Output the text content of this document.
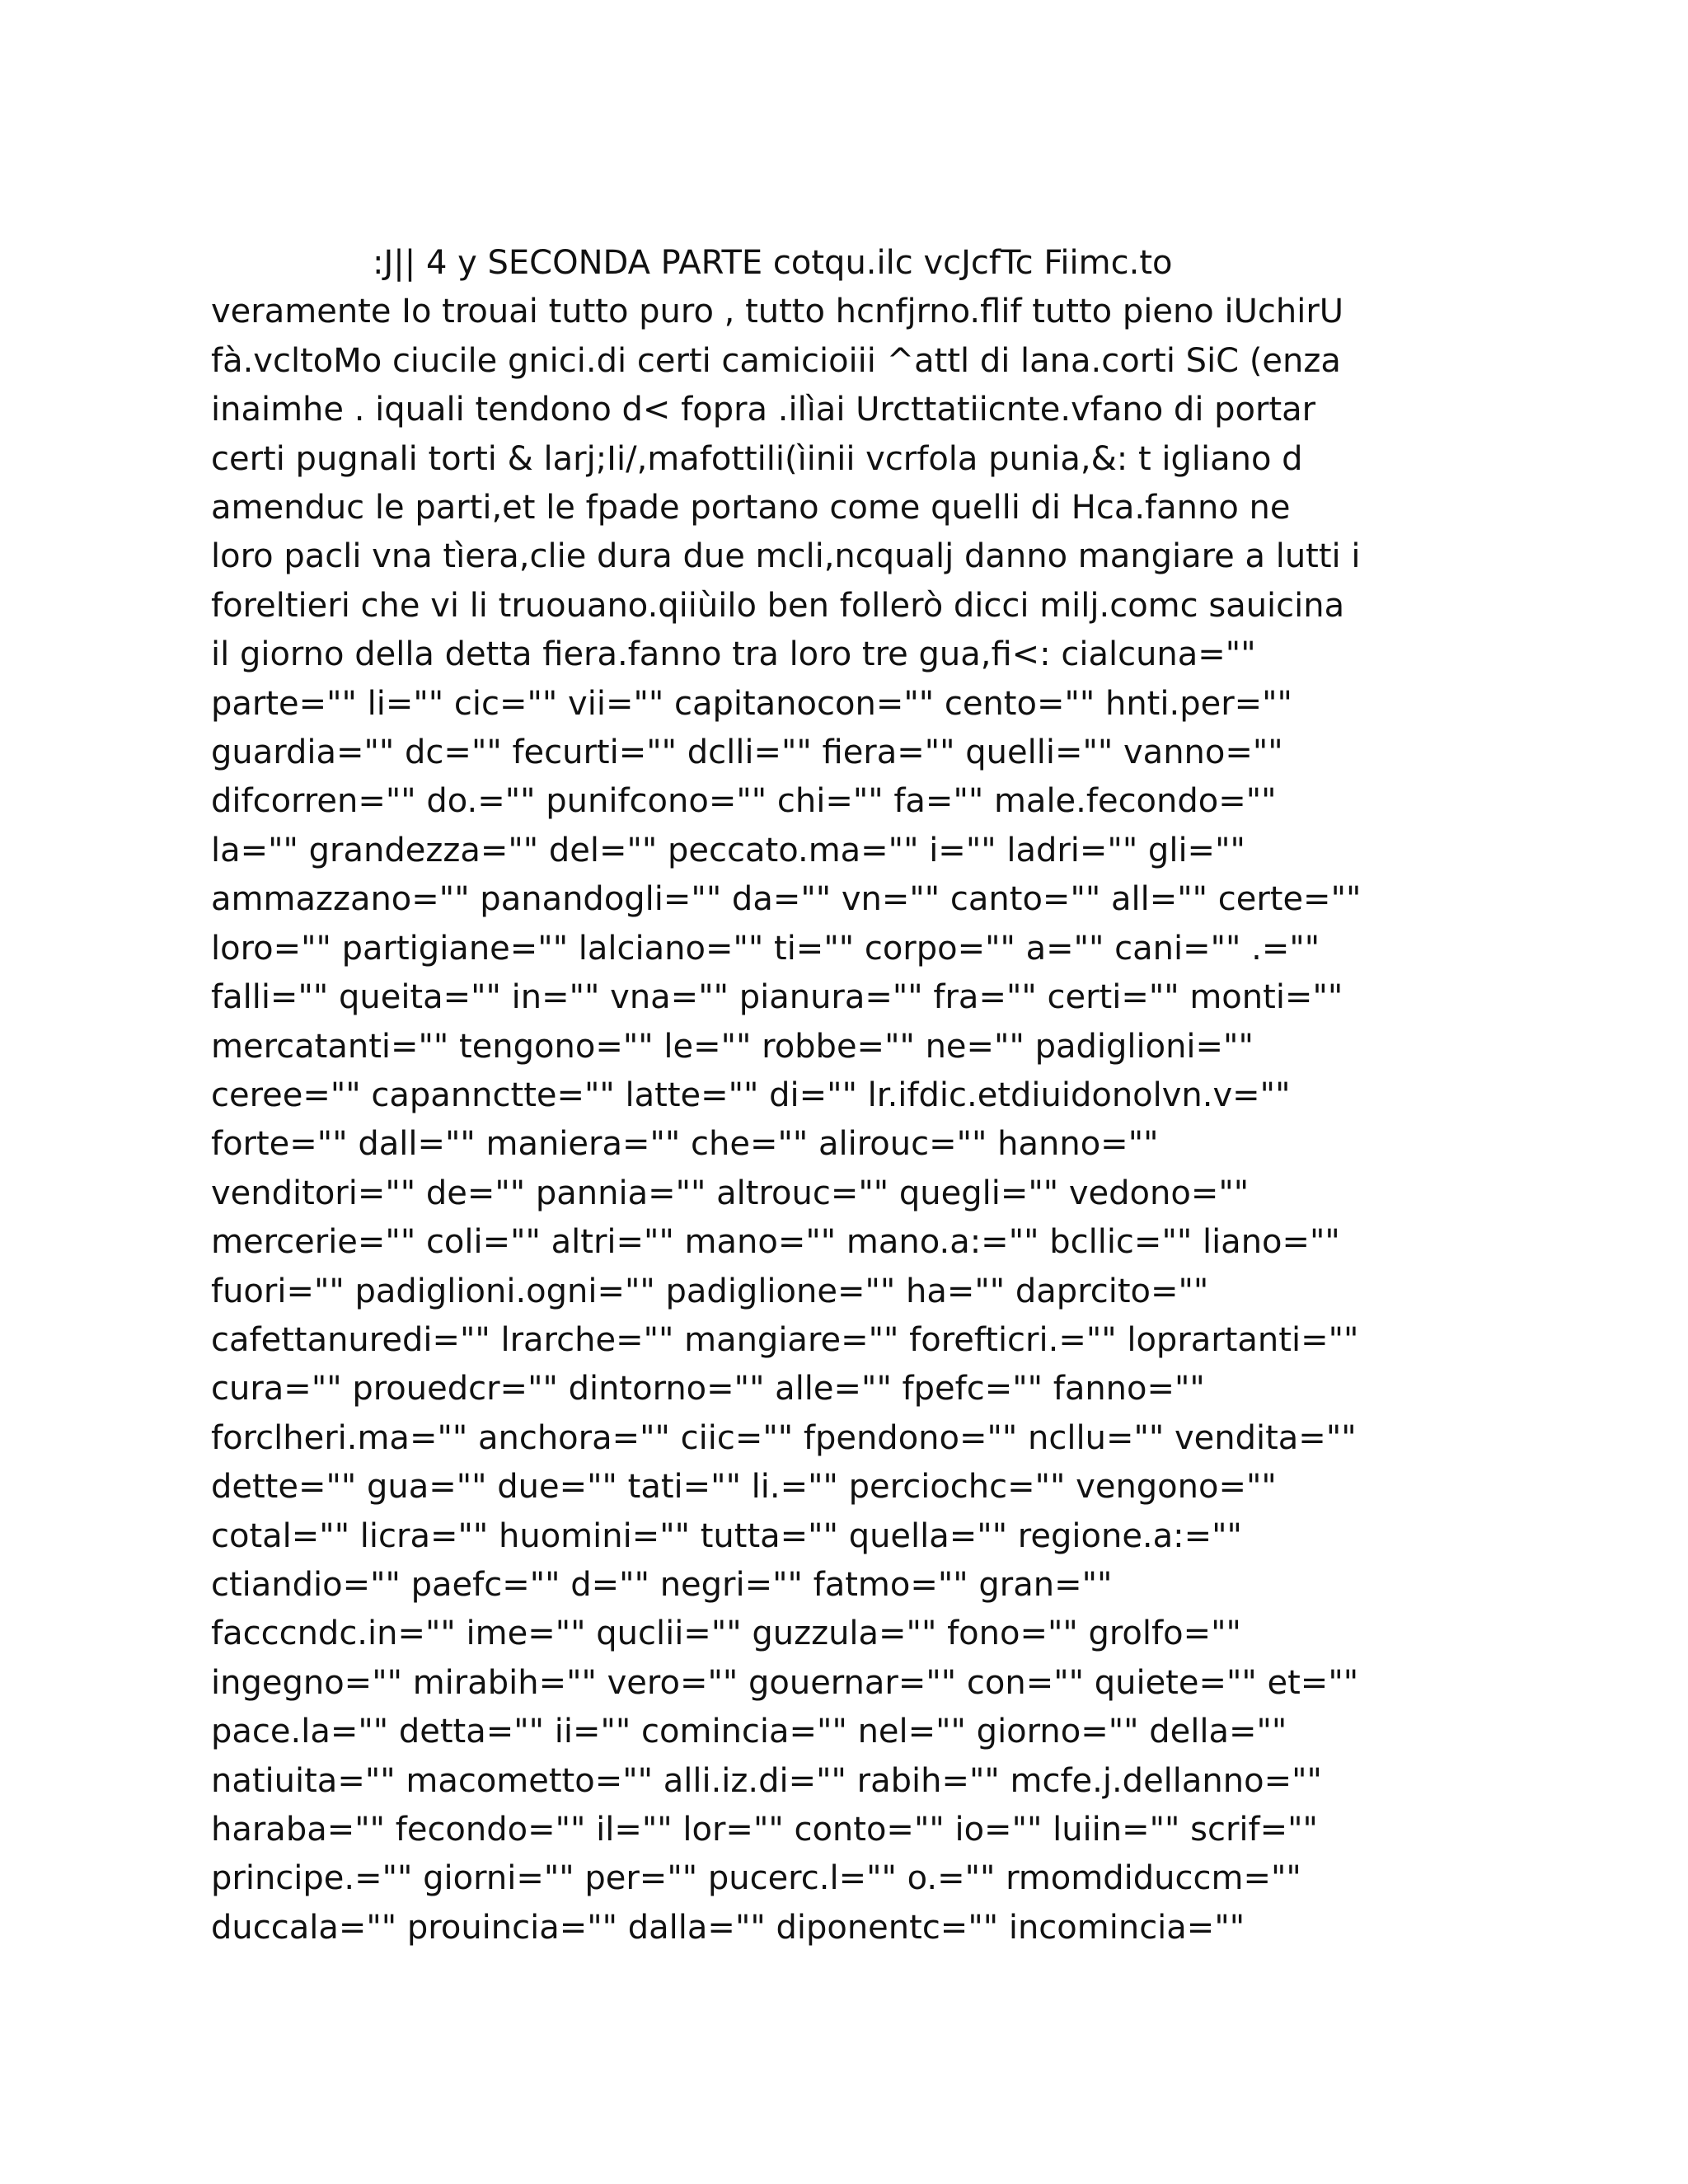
:J|| 4 y SECONDA PARTE cotqu.ilc vcJcfTc Fiimc.to
veramente Io trouai tutto puro , tutto hcnfjrno.flif tutto pieno iUchirU
fà.vcltoMo ciucile gnici.di certi camicioiii ^attl di lana.corti SiC (enza
inaimhe . iquali tendono d< fopra .ilìai Urcttatiicnte.vfano di portar
certi pugnali torti & larj;Ii/,mafottili(ìinii vcrfola punia,&: t igliano d
amenduc le parti,et le fpade portano come quelli di Hca.fanno ne
loro pacli vna tìera,clie dura due mcli,ncqualj danno mangiare a lutti i
foreltieri che vi li truouano.qiiùilo ben follerò dicci milj.comc sauicina
il giorno della detta fiera.fanno tra loro tre gua,fi<: cialcuna=""
parte="" li="" cic="" vii="" capitanocon="" cento="" hnti.per=""
guardia="" dc="" fecurti="" dclli="" fiera="" quelli="" vanno=""
difcorren="" do.="" punifcono="" chi="" fa="" male.fecondo=""
la="" grandezza="" del="" peccato.ma="" i="" ladri="" gli=""
ammazzano="" panandogli="" da="" vn="" canto="" all="" certe=""
loro="" partigiane="" lalciano="" ti="" corpo="" a="" cani="" .=""
falli="" queita="" in="" vna="" pianura="" fra="" certi="" monti=""
mercatanti="" tengono="" le="" robbe="" ne="" padiglioni=""
ceree="" capannctte="" latte="" di="" lr.ifdic.etdiuidonolvn.v=""
forte="" dall="" maniera="" che="" alirouc="" hanno=""
venditori="" de="" pannia="" altrouc="" quegli="" vedono=""
mercerie="" coli="" altri="" mano="" mano.a:="" bcllic="" liano=""
fuori="" padiglioni.ogni="" padiglione="" ha="" daprcito=""
cafettanuredi="" lrarche="" mangiare="" forefticri.="" loprartanti=""
cura="" prouedcr="" dintorno="" alle="" fpefc="" fanno=""
forclheri.ma="" anchora="" ciic="" fpendono="" ncllu="" vendita=""
dette="" gua="" due="" tati="" li.="" perciochc="" vengono=""
cotal="" licra="" huomini="" tutta="" quella="" regione.a:=""
ctiandio="" paefc="" d="" negri="" fatmo="" gran=""
facccndc.in="" ime="" quclii="" guzzula="" fono="" grolfo=""
ingegno="" mirabih="" vero="" gouernar="" con="" quiete="" et=""
pace.la="" detta="" ii="" comincia="" nel="" giorno="" della=""
natiuita="" macometto="" alli.iz.di="" rabih="" mcfe.j.dellanno=""
haraba="" fecondo="" il="" lor="" conto="" io="" luiin="" scrif=""
principe.="" giorni="" per="" pucerc.l="" o.="" rmomdiduccm=""
duccala="" prouincia="" dalla="" diponentc="" incomincia=""
